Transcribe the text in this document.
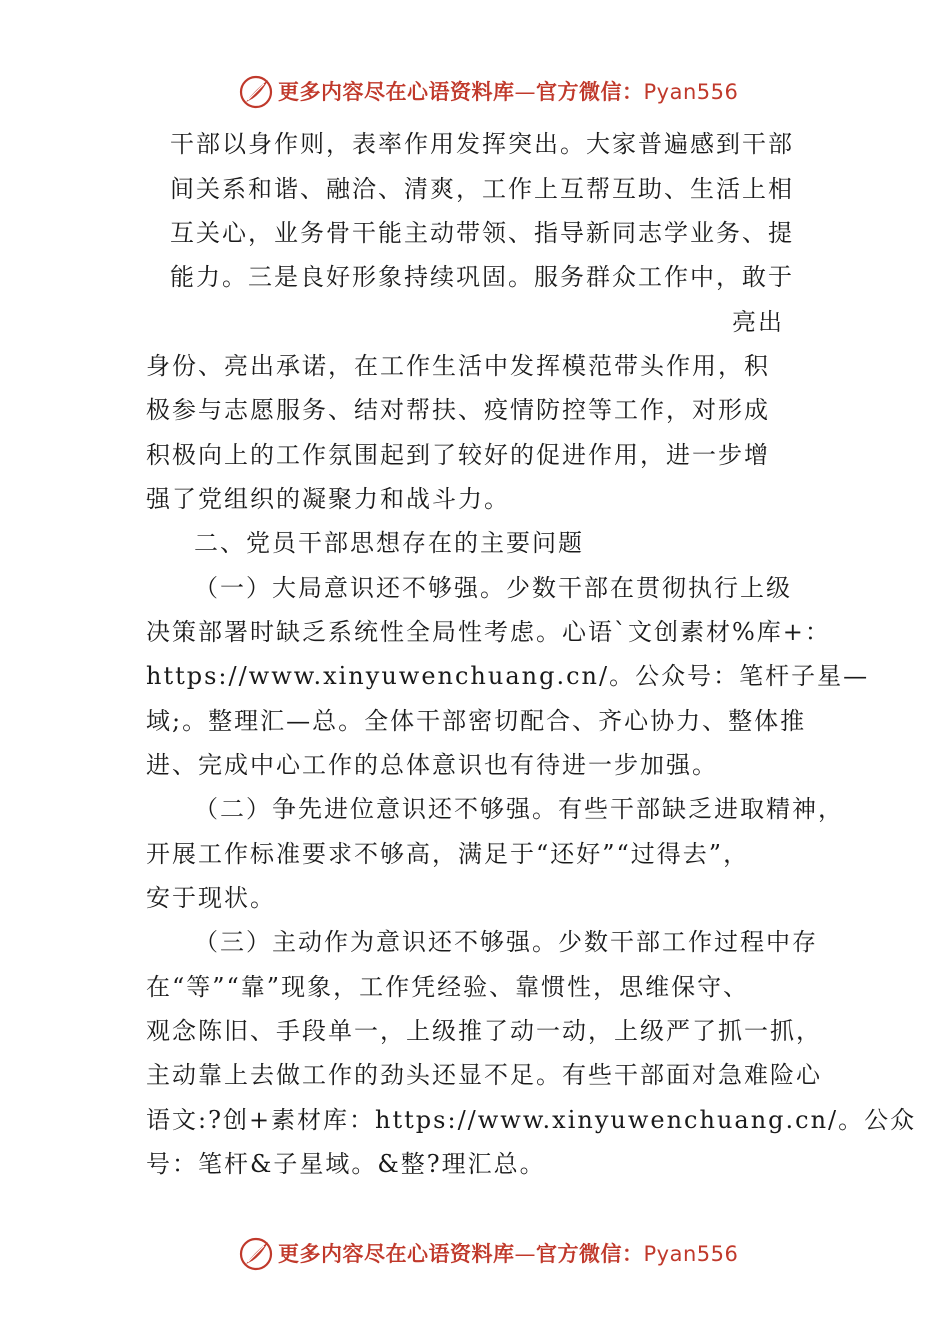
更多内容尽在心语资料库—官方微信：Pyan556
干部以身作则，表率作用发挥突出。大家普遍感到干部
间关系和谐、融洽、清爽，工作上互帮互助、生活上相
互关心，业务骨干能主动带领、指导新同志学业务、提
能力。三是良好形象持续巩固。服务群众工作中，敢于
亮出
身份、亮出承诺，在工作生活中发挥模范带头作用，积
极参与志愿服务、结对帮扶、疫情防控等工作，对形成
积极向上的工作氛围起到了较好的促进作用，进一步增
强了党组织的凝聚力和战斗力。
二、党员干部思想存在的主要问题
（一）大局意识还不够强。少数干部在贯彻执行上级
决策部署时缺乏系统性全局性考虑。心语`文创素材%库+：
https://www.xinyuwenchuang.cn/。公众号：笔杆子星—
域;。整理汇—总。全体干部密切配合、齐心协力、整体推
进、完成中心工作的总体意识也有待进一步加强。
（二）争先进位意识还不够强。有些干部缺乏进取精神，
开展工作标准要求不够高，满足于“还好”“过得去”，
安于现状。
（三）主动作为意识还不够强。少数干部工作过程中存
在“等”“靠”现象，工作凭经验、靠惯性，思维保守、
观念陈旧、手段单一，上级推了动一动，上级严了抓一抓，
主动靠上去做工作的劲头还显不足。有些干部面对急难险心
语文:?创+素材库：https://www.xinyuwenchuang.cn/。公众
号：笔杆&子星域。&整?理汇总。
更多内容尽在心语资料库—官方微信：Pyan556
